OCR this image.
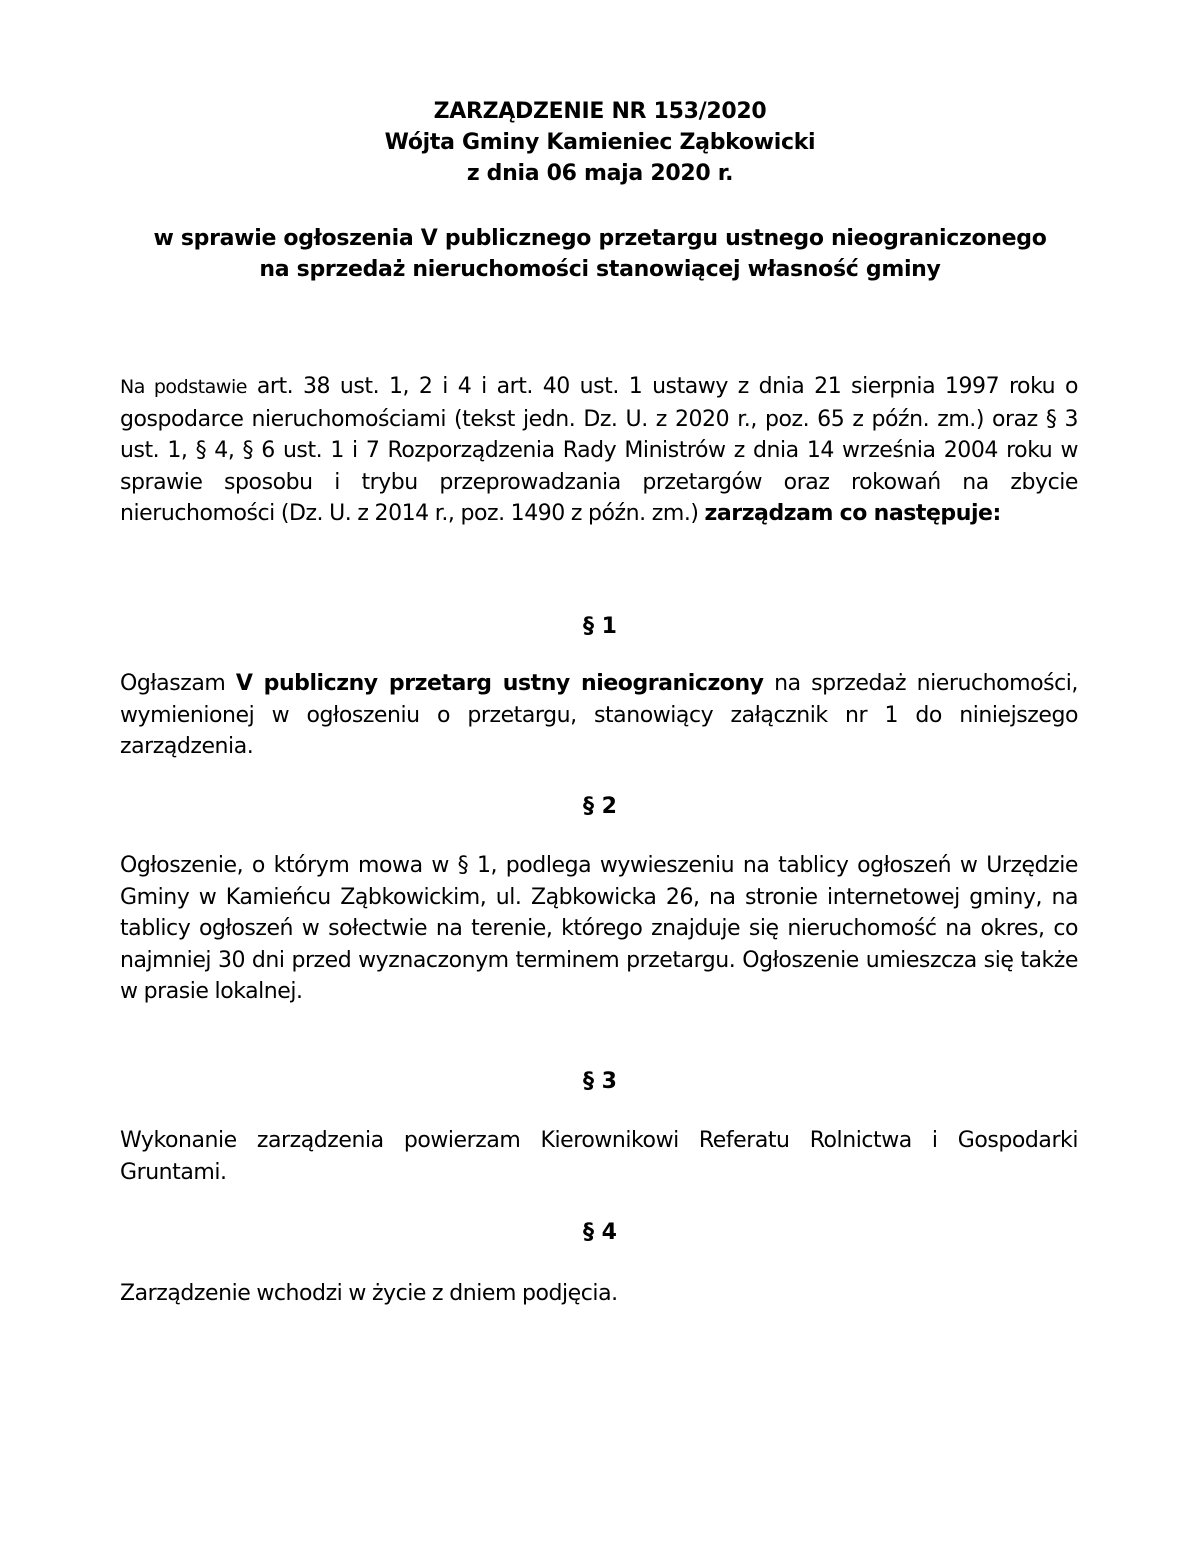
ZARZĄDZENIE NR 153/2020
Wójta Gminy Kamieniec Ząbkowicki
z dnia 06 maja 2020 r.
w sprawie ogłoszenia V publicznego przetargu ustnego nieograniczonego
na sprzedaż nieruchomości stanowiącej własność gminy
Na podstawie art. 38 ust. 1, 2 i 4 i art. 40 ust. 1 ustawy z dnia 21 sierpnia 1997 roku o gospodarce nieruchomościami (tekst jedn. Dz. U. z 2020 r., poz. 65 z późn. zm.) oraz § 3 ust. 1, § 4, § 6 ust. 1 i 7 Rozporządzenia Rady Ministrów z dnia 14 września 2004 roku w sprawie sposobu i trybu przeprowadzania przetargów oraz rokowań na zbycie nieruchomości (Dz. U. z 2014 r., poz. 1490 z późn. zm.) zarządzam co następuje:
§ 1
Ogłaszam V publiczny przetarg ustny nieograniczony na sprzedaż nieruchomości, wymienionej w ogłoszeniu o przetargu, stanowiący załącznik nr 1 do niniejszego zarządzenia.
§ 2
Ogłoszenie, o którym mowa w § 1, podlega wywieszeniu na tablicy ogłoszeń w Urzędzie Gminy w Kamieńcu Ząbkowickim, ul. Ząbkowicka 26, na stronie internetowej gminy, na tablicy ogłoszeń w sołectwie na terenie, którego znajduje się nieruchomość na okres, co najmniej 30 dni przed wyznaczonym terminem przetargu. Ogłoszenie umieszcza się także w prasie lokalnej.
§ 3
Wykonanie zarządzenia powierzam Kierownikowi Referatu Rolnictwa i Gospodarki Gruntami.
§ 4
Zarządzenie wchodzi w życie z dniem podjęcia.
